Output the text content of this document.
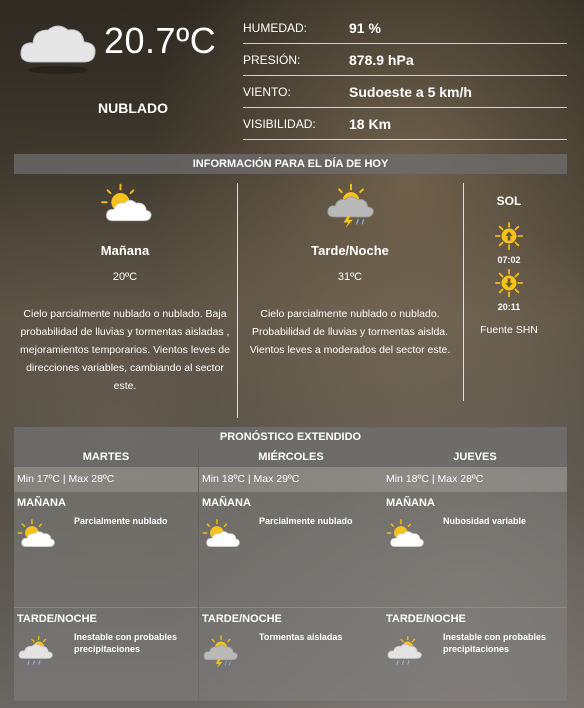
20.7ºC
NUBLADO
HUMEDAD:	91 %
PRESIÓN:	878.9 hPa
VIENTO:	Sudoeste a 5 km/h
VISIBILIDAD:	18 Km
INFORMACIÓN PARA EL DÍA DE HOY
Mañana
20ºC
Cielo parcialmente nublado o nublado. Baja probabilidad de lluvias y tormentas aisladas , mejoramientos temporarios. Vientos leves de direcciones variables, cambiando al sector este.
Tarde/Noche
31ºC
Cielo parcialmente nublado o nublado. Probabilidad de lluvias y tormentas aislda. Vientos leves a moderados del sector este.
SOL
07:02
20:11
Fuente SHN
PRONÓSTICO EXTENDIDO
MARTES
Min 17ºC | Max 28ºC
MAÑANA
Parcialmente nublado
TARDE/NOCHE
Inestable con probables precipitaciones
MIÉRCOLES
Min 18ºC | Max 29ºC
MAÑANA
Parcialmente nublado
TARDE/NOCHE
Tormentas aisladas
JUEVES
Min 18ºC | Max 28ºC
MAÑANA
Nubosidad variable
TARDE/NOCHE
Inestable con probables precipitaciones
